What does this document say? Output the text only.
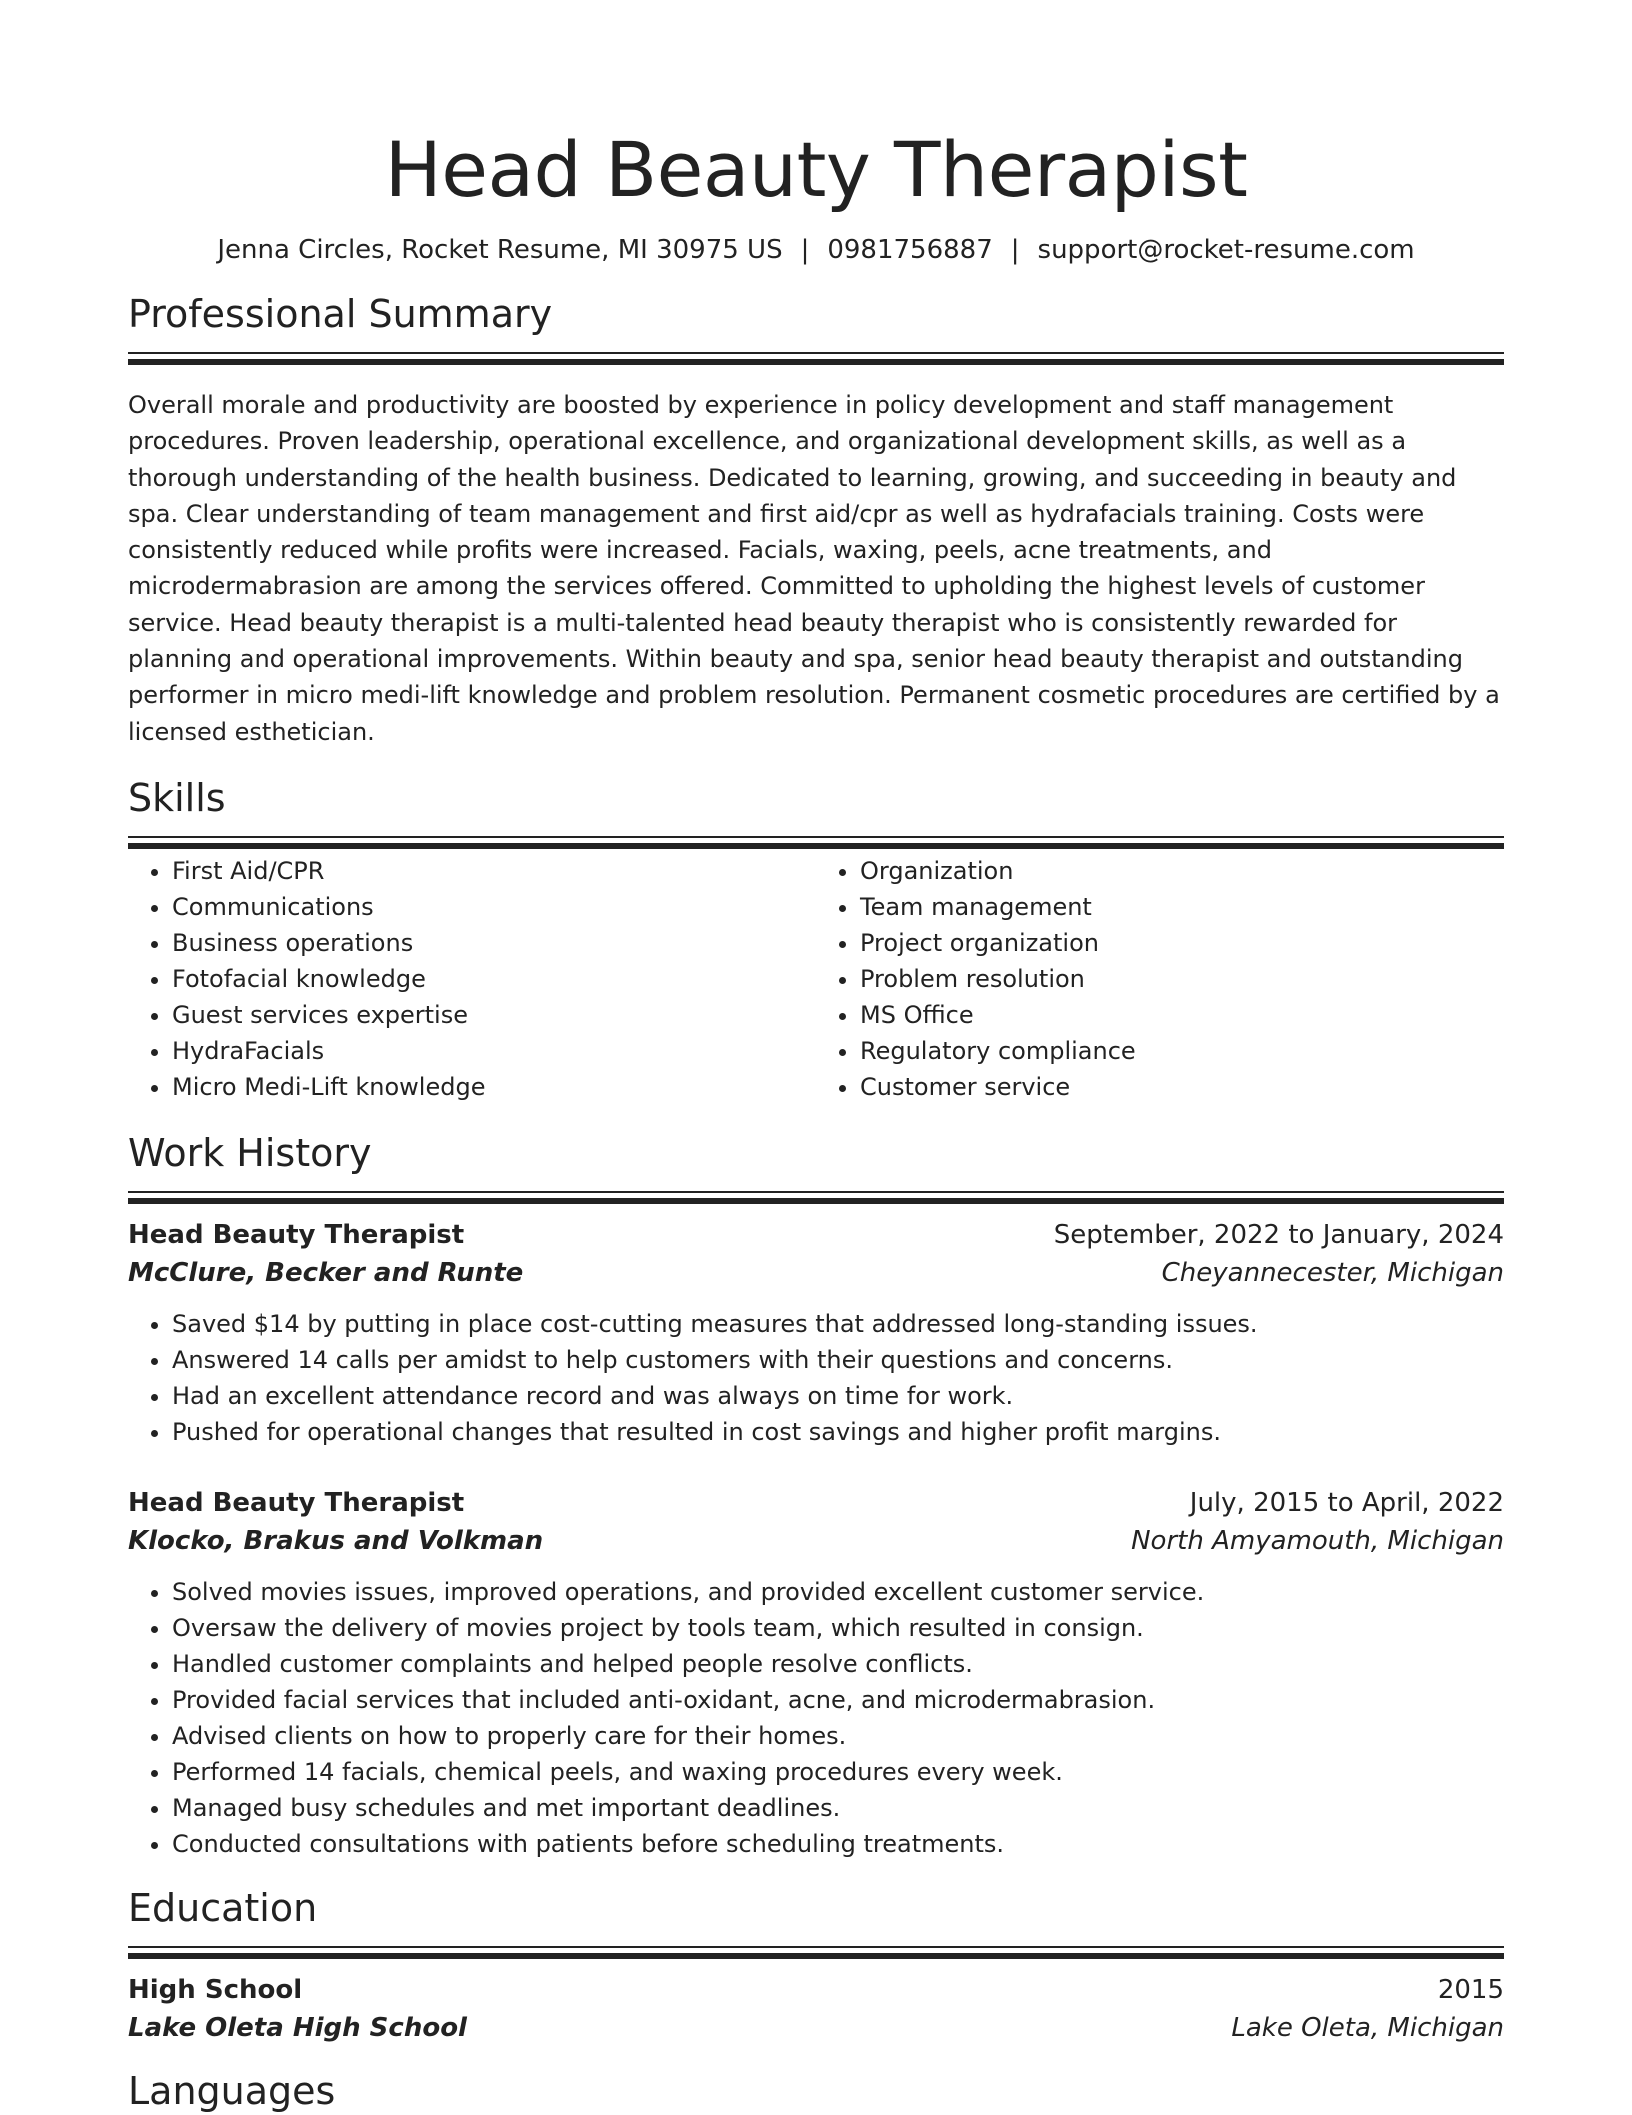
Head Beauty Therapist
Jenna Circles, Rocket Resume, MI 30975 US | 0981756887 | support@rocket-resume.com
Professional Summary
Overall morale and productivity are boosted by experience in policy development and staff management procedures. Proven leadership, operational excellence, and organizational development skills, as well as a thorough understanding of the health business. Dedicated to learning, growing, and succeeding in beauty and spa. Clear understanding of team management and first aid/cpr as well as hydrafacials training. Costs were consistently reduced while profits were increased. Facials, waxing, peels, acne treatments, and microdermabrasion are among the services offered. Committed to upholding the highest levels of customer service. Head beauty therapist is a multi-talented head beauty therapist who is consistently rewarded for planning and operational improvements. Within beauty and spa, senior head beauty therapist and outstanding performer in micro medi-lift knowledge and problem resolution. Permanent cosmetic procedures are certified by a licensed esthetician.
Skills
• First Aid/CPR
• Communications
• Business operations
• Fotofacial knowledge
• Guest services expertise
• HydraFacials
• Micro Medi-Lift knowledge
• Organization
• Team management
• Project organization
• Problem resolution
• MS Office
• Regulatory compliance
• Customer service
Work History
Head Beauty Therapist	September, 2022 to January, 2024
McClure, Becker and Runte	Cheyannecester, Michigan
• Saved $14 by putting in place cost-cutting measures that addressed long-standing issues.
• Answered 14 calls per amidst to help customers with their questions and concerns.
• Had an excellent attendance record and was always on time for work.
• Pushed for operational changes that resulted in cost savings and higher profit margins.
Head Beauty Therapist	July, 2015 to April, 2022
Klocko, Brakus and Volkman	North Amyamouth, Michigan
• Solved movies issues, improved operations, and provided excellent customer service.
• Oversaw the delivery of movies project by tools team, which resulted in consign.
• Handled customer complaints and helped people resolve conflicts.
• Provided facial services that included anti-oxidant, acne, and microdermabrasion.
• Advised clients on how to properly care for their homes.
• Performed 14 facials, chemical peels, and waxing procedures every week.
• Managed busy schedules and met important deadlines.
• Conducted consultations with patients before scheduling treatments.
Education
High School	2015
Lake Oleta High School	Lake Oleta, Michigan
Languages
